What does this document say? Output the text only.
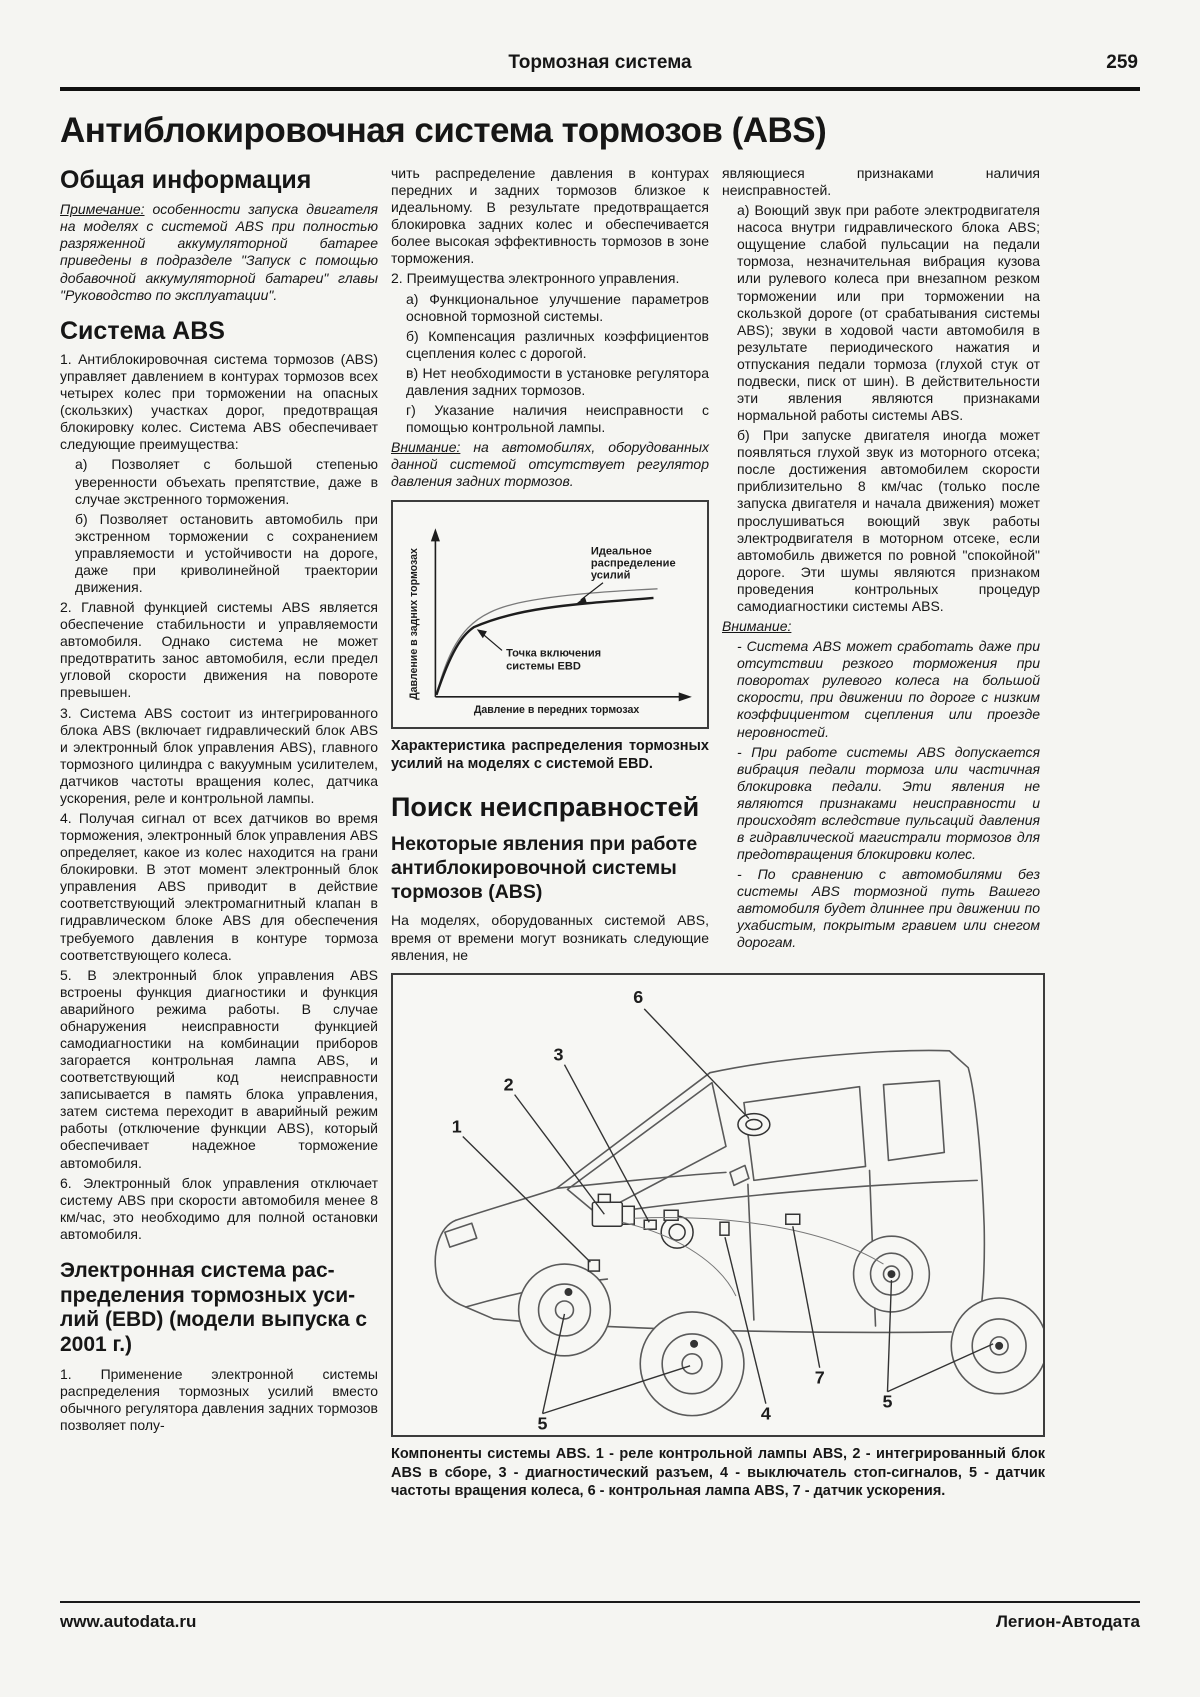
Тормозная система	259
Антиблокировочная система тормозов (ABS)
Общая информация

Примечание: особенности запуска двигателя на моделях с системой ABS при полностью разряженной аккумуляторной батарее приведены в подразделе "Запуск с помощью добавочной аккумуляторной батареи" главы "Руководство по эксплуатации".

Система ABS

1. Антиблокировочная система тормозов (ABS) управляет давлением в контурах тормозов всех четырех колес при торможении на опасных (скользких) участках дорог, предотвращая блокировку колес. Система ABS обеспечивает следующие преимущества:

а) Позволяет с большой степенью уверенности объехать препятствие, даже в случае экстренного торможения.

б) Позволяет остановить автомобиль при экстренном торможении с сохранением управляемости и устойчивости на дороге, даже при криволинейной траектории движения.

2. Главной функцией системы ABS является обеспечение стабильности и управляемости автомобиля. Однако система не может предотвратить занос автомобиля, если предел угловой скорости движения на повороте превышен.

3. Система ABS состоит из интегрированного блока ABS (включает гидравлический блок ABS и электронный блок управления ABS), главного тормозного цилиндра с вакуумным усилителем, датчиков частоты вращения колес, датчика ускорения, реле и контрольной лампы.

4. Получая сигнал от всех датчиков во время торможения, электронный блок управления ABS определяет, какое из колес находится на грани блокировки. В этот момент электронный блок управления ABS приводит в действие соответствующий электромагнитный клапан в гидравлическом блоке ABS для обеспечения требуемого давления в контуре тормоза соответствующего колеса.

5. В электронный блок управления ABS встроены функция диагностики и функция аварийного режима работы. В случае обнаружения неисправности функцией самодиагностики на комбинации приборов загорается контрольная лампа ABS, и соответствующий код неисправности записывается в память блока управления, затем система переходит в аварийный режим работы (отключение функции ABS), который обеспечивает надежное торможение автомобиля.

6. Электронный блок управления отключает систему ABS при скорости автомобиля менее 8 км/час, это необходимо для полной остановки автомобиля.

Электронная система распределения тормозных усилий (EBD) (модели выпуска с 2001 г.)

1. Применение электронной системы распределения тормозных усилий вместо обычного регулятора давления задних тормозов позволяет полу-

чить распределение давления в контурах передних и задних тормозов близкое к идеальному. В результате предотвращается блокировка задних колес и обеспечивается более высокая эффективность тормозов в зоне торможения.

2. Преимущества электронного управления.

а) Функциональное улучшение параметров основной тормозной системы.

б) Компенсация различных коэффициентов сцепления колес с дорогой.

в) Нет необходимости в установке регулятора давления задних тормозов.

г) Указание наличия неисправности с помощью контрольной лампы.

Внимание: на автомобилях, оборудованных данной системой отсутствует регулятор давления задних тормозов.

Идеальное
распределение
усилий
Точка включения
системы EBD
Давление в задних тормозах
Давление в передних тормозах

Характеристика распределения тормозных усилий на моделях с системой EBD.

Поиск неисправностей
Некоторые явления при работе антиблокировочной системы тормозов (ABS)

На моделях, оборудованных системой ABS, время от времени могут возникать следующие явления, не

являющиеся признаками наличия неисправностей.

а) Воющий звук при работе электродвигателя насоса внутри гидравлического блока ABS; ощущение слабой пульсации на педали тормоза, незначительная вибрация кузова или рулевого колеса при внезапном резком торможении или при торможении на скользкой дороге (от срабатывания системы ABS); звуки в ходовой части автомобиля в результате периодического нажатия и отпускания педали тормоза (глухой стук от подвески, писк от шин). В действительности эти явления являются признаками нормальной работы системы ABS.

б) При запуске двигателя иногда может появляться глухой звук из моторного отсека; после достижения автомобилем скорости приблизительно 8 км/час (только после запуска двигателя и начала движения) может прослушиваться воющий звук работы электродвигателя в моторном отсеке, если автомобиль движется по ровной "спокойной" дороге. Эти шумы являются признаком проведения контрольных процедур самодиагностики системы ABS.

Внимание:

- Система ABS может сработать даже при отсутствии резкого торможения при поворотах рулевого колеса на большой скорости, при движении по дороге с низким коэффициентом сцепления или проезде неровностей.

- При работе системы ABS допускается вибрация педали тормоза или частичная блокировка педали. Эти явления не являются признаками неисправности и происходят вследствие пульсаций давления в гидравлической магистрали тормозов для предотвращения блокировки колес.

- По сравнению с автомобилями без системы ABS тормозной путь Вашего автомобиля будет длиннее при движении по ухабистым, покрытым гравием или снегом дорогам.

1
2
3
6
5	4
7
5

Компоненты системы ABS. 1 - реле контрольной лампы ABS, 2 - интегрированный блок ABS в сборе, 3 - диагностический разъем, 4 - выключатель стоп-сигналов, 5 - датчик частоты вращения колеса, 6 - контрольная лампа ABS, 7 - датчик ускорения.

www.autodata.ru	Легион-Автодата
